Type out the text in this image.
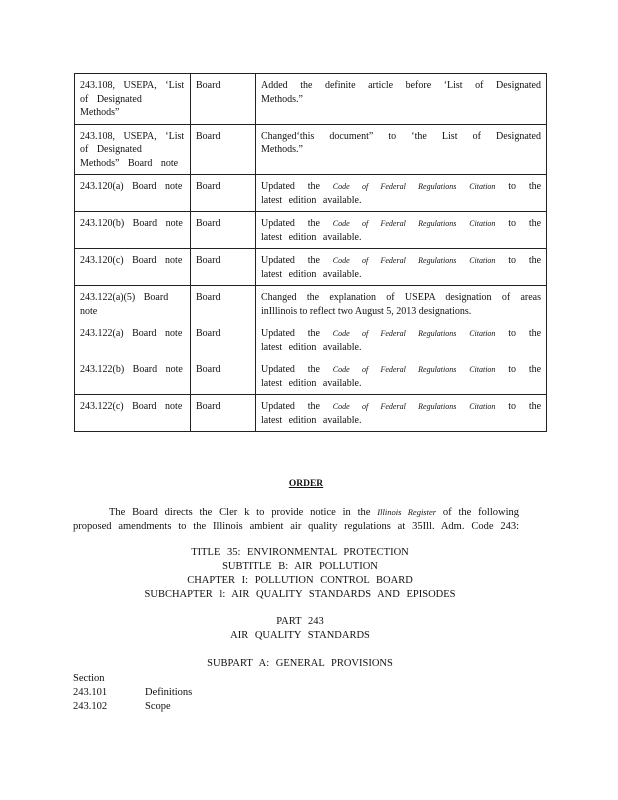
243.108, USEPA, ‘List of Designated Methods”	Board	Added the definite article before ‘List of Designated
Methods.”

243.108, USEPA, ‘List of Designated Methods” Board note	Board	Changed‘this document” to ‘the List of Designated
Methods.”

243.120(a) Board note	Board	Updated the Code of Federal Regulations Citation to the
latest edition available.

243.120(b) Board note	Board	Updated the Code of Federal Regulations Citation to the
latest edition available.

243.120(c) Board note	Board	Updated the Code of Federal Regulations Citation to the
latest edition available.

243.122(a)(5) Board note	Board	Changed the explanation of USEPA designation of areas
inIllinois to reflect two August 5, 2013 designations.

243.122(a) Board note	Board	Updated the Code of Federal Regulations Citation to the
latest edition available.

243.122(b) Board note	Board	Updated the Code of Federal Regulations Citation to the
latest edition available.

243.122(c) Board note	Board	Updated the Code of Federal Regulations Citation to the
latest edition available.
ORDER
The Board directs the Cler k to provide notice in the Illinois Register of the following
proposed amendments to the Illinois ambient air quality regulations at 35Ill. Adm. Code 243:
TITLE 35: ENVIRONMENTAL PROTECTION
SUBTITLE B: AIR POLLUTION
CHAPTER I: POLLUTION CONTROL BOARD
SUBCHAPTER l: AIR QUALITY STANDARDS AND EPISODES
PART 243
AIR QUALITY STANDARDS
SUBPART A: GENERAL PROVISIONS
Section
243.101	Definitions
243.102	Scope
